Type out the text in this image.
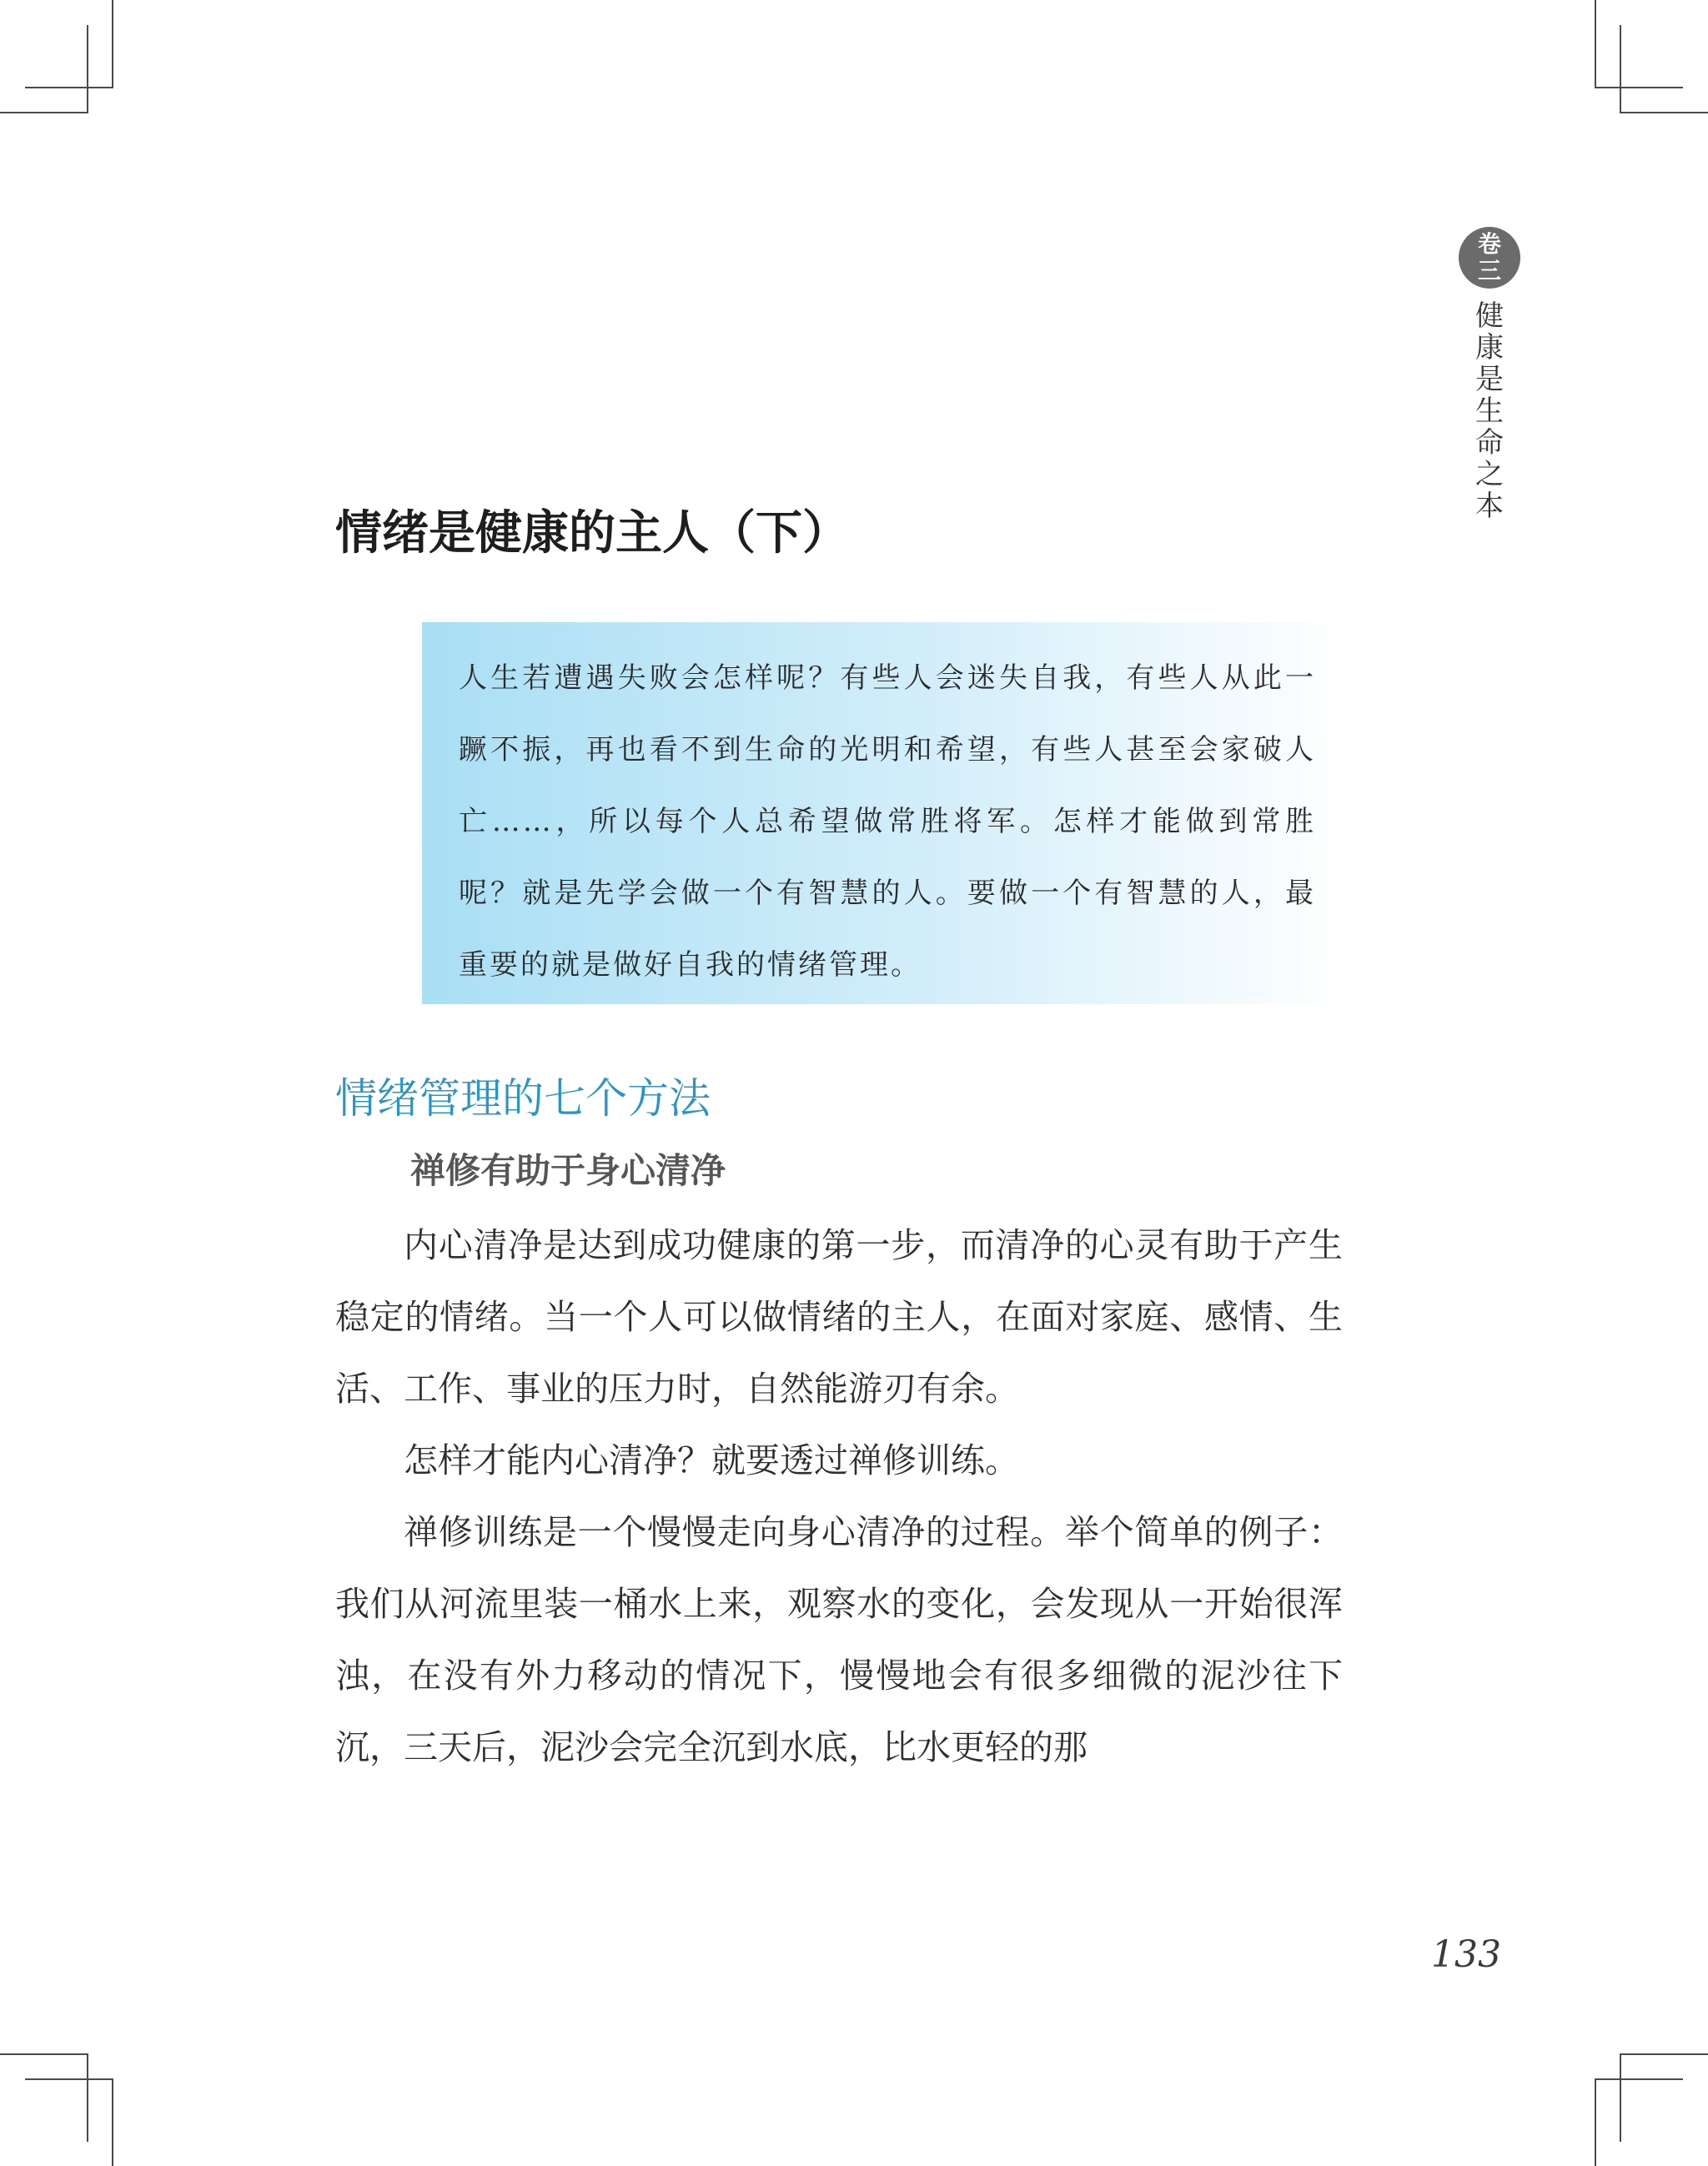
卷
三
健康是生命之本
情绪是健康的主人（下）

人生若遭遇失败会怎样呢？有些人会迷失自我，有些人从此一蹶不振，再也看不到生命的光明和希望，有些人甚至会家破人亡……，所以每个人总希望做常胜将军。怎样才能做到常胜呢？就是先学会做一个有智慧的人。要做一个有智慧的人，最重要的就是做好自我的情绪管理。

情绪管理的七个方法
禅修有助于身心清净

内心清净是达到成功健康的第一步，而清净的心灵有助于产生稳定的情绪。当一个人可以做情绪的主人，在面对家庭、感情、生活、工作、事业的压力时，自然能游刃有余。

怎样才能内心清净？就要透过禅修训练。

禅修训练是一个慢慢走向身心清净的过程。举个简单的例子：我们从河流里装一桶水上来，观察水的变化，会发现从一开始很浑浊，在没有外力移动的情况下，慢慢地会有很多细微的泥沙往下沉，三天后，泥沙会完全沉到水底，比水更轻的那

133
